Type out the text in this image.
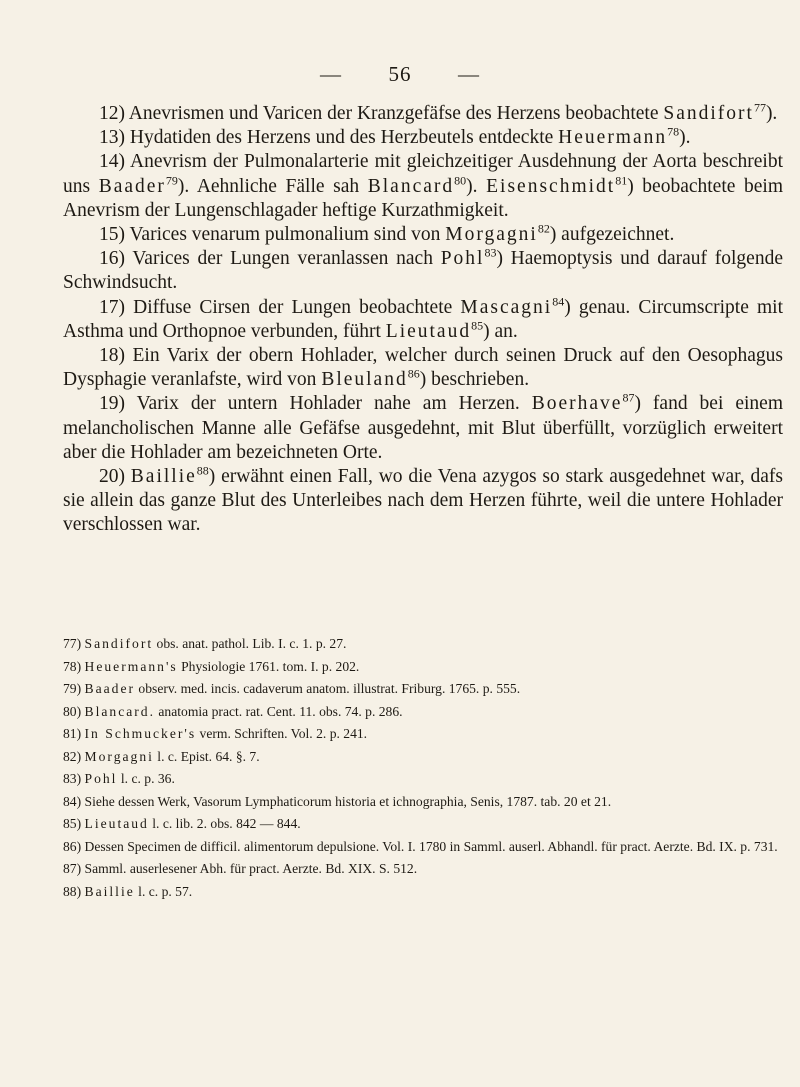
— 56 —

12) Anevrismen und Varicen der Kranzgefäfse des Herzens beobachtete Sandifort$^{77}$).

13) Hydatiden des Herzens und des Herzbeutels entdeckte Heuermann$^{78}$).

14) Anevrism der Pulmonalarterie mit gleichzeitiger Ausdehnung der Aorta beschreibt uns Baader$^{79}$). Aehnliche Fälle sah Blancard$^{80}$). Eisenschmidt$^{81}$) beobachtete beim Anevrism der Lungenschlagader heftige Kurzathmigkeit.

15) Varices venarum pulmonalium sind von Morgagni$^{82}$) aufgezeichnet.

16) Varices der Lungen veranlassen nach Pohl$^{83}$) Haemoptysis und darauf folgende Schwindsucht.

17) Diffuse Cirsen der Lungen beobachtete Mascagni$^{84}$) genau. Circumscripte mit Asthma und Orthopnoe verbunden, führt Lieutaud$^{85}$) an.

18) Ein Varix der obern Hohlader, welcher durch seinen Druck auf den Oesophagus Dysphagie veranlafste, wird von Bleuland$^{86}$) beschrieben.

19) Varix der untern Hohlader nahe am Herzen. Boerhave$^{87}$) fand bei einem melancholischen Manne alle Gefäfse ausgedehnt, mit Blut überfüllt, vorzüglich erweitert aber die Hohlader am bezeichneten Orte.

20) Baillie$^{88}$) erwähnt einen Fall, wo die Vena azygos so stark ausgedehnet war, dafs sie allein das ganze Blut des Unterleibes nach dem Herzen führte, weil die untere Hohlader verschlossen war.

77) Sandifort obs. anat. pathol. Lib. I. c. 1. p. 27.

78) Heuermann's Physiologie 1761. tom. I. p. 202.

79) Baader observ. med. incis. cadaverum anatom. illustrat. Friburg. 1765. p. 555.

80) Blancard. anatomia pract. rat. Cent. 11. obs. 74. p. 286.

81) In Schmucker's verm. Schriften. Vol. 2. p. 241.

82) Morgagni l. c. Epist. 64. §. 7.

83) Pohl l. c. p. 36.

84) Siehe dessen Werk, Vasorum Lymphaticorum historia et ichnographia, Senis, 1787. tab. 20 et 21.

85) Lieutaud l. c. lib. 2. obs. 842 — 844.

86) Dessen Specimen de difficil. alimentorum depulsione. Vol. I. 1780 in Samml. auserl. Abhandl. für pract. Aerzte. Bd. IX. p. 731.

87) Samml. auserlesener Abh. für pract. Aerzte. Bd. XIX. S. 512.

88) Baillie l. c. p. 57.
